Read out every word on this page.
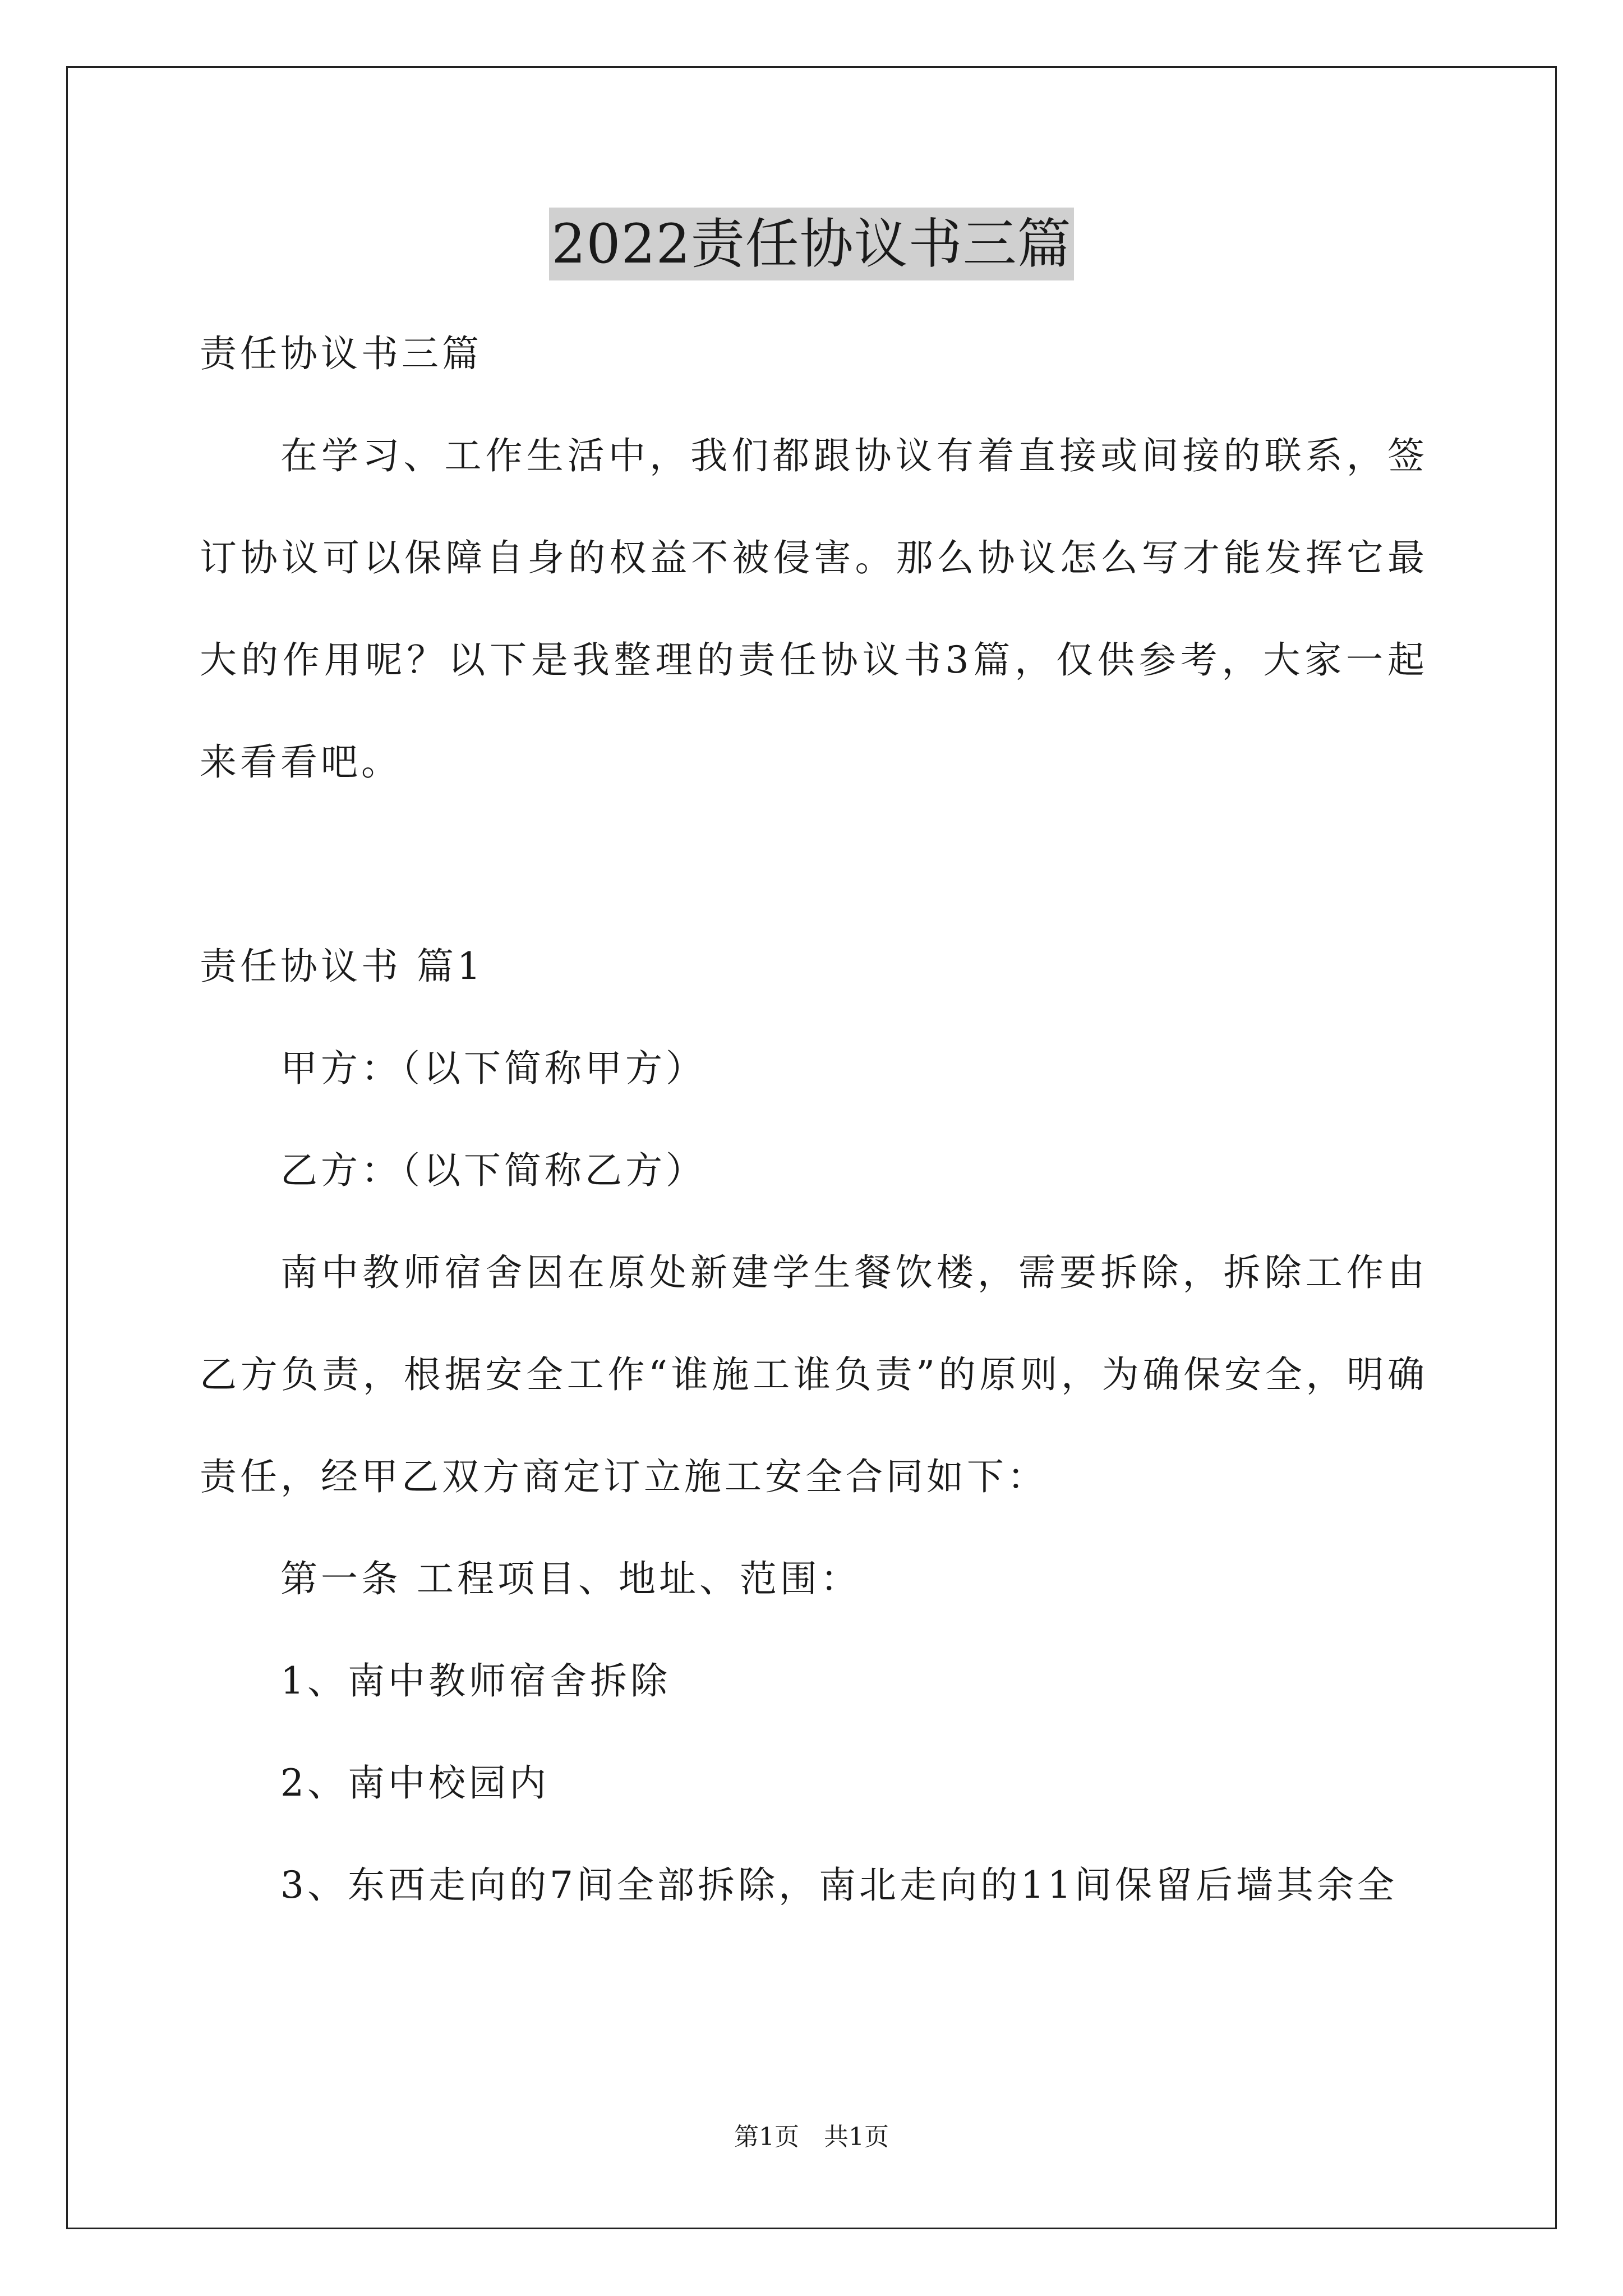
2022责任协议书三篇

责任协议书三篇

在学习、工作生活中，我们都跟协议有着直接或间接的联系，签订协议可以保障自身的权益不被侵害。那么协议怎么写才能发挥它最大的作用呢？以下是我整理的责任协议书3篇，仅供参考，大家一起来看看吧。

责任协议书 篇1

甲方：（以下简称甲方）

乙方：（以下简称乙方）

南中教师宿舍因在原处新建学生餐饮楼，需要拆除，拆除工作由乙方负责，根据安全工作“谁施工谁负责”的原则，为确保安全，明确责任，经甲乙双方商定订立施工安全合同如下：

第一条 工程项目、地址、范围：

1、南中教师宿舍拆除

2、南中校园内

3、东西走向的7间全部拆除，南北走向的11间保留后墙其余全

第1页 共1页
